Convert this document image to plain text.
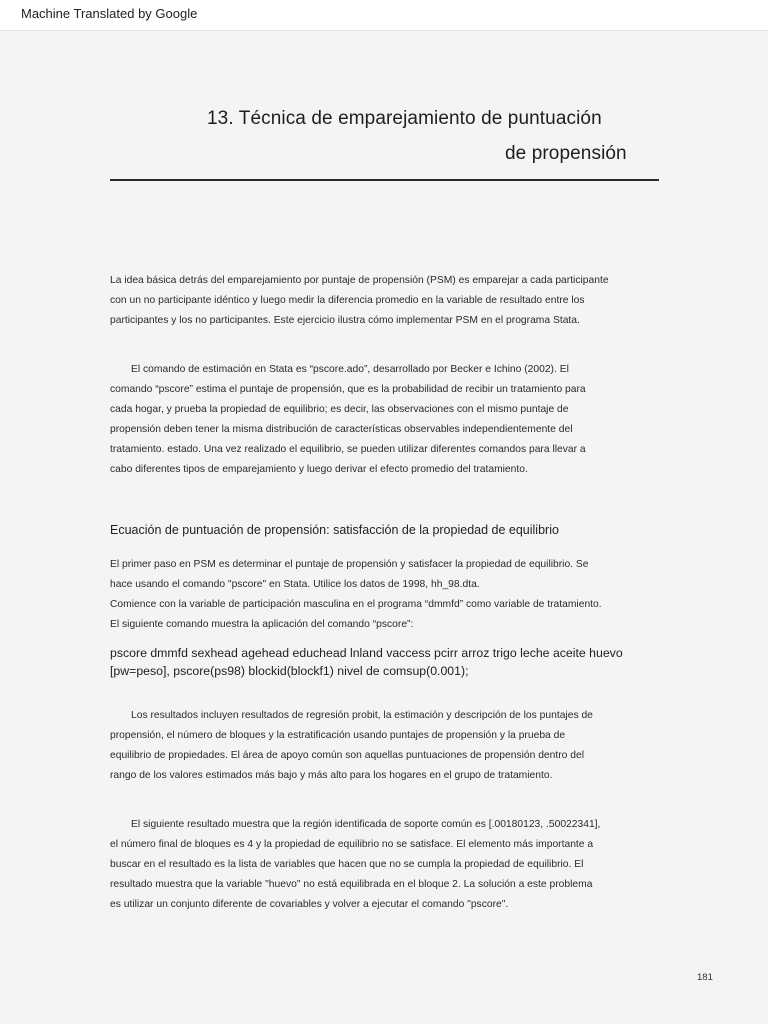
Machine Translated by Google
13. Técnica de emparejamiento de puntuación
de propensión
La idea básica detrás del emparejamiento por puntaje de propensión (PSM) es emparejar a cada participante
con un no participante idéntico y luego medir la diferencia promedio en la variable de resultado entre los
participantes y los no participantes. Este ejercicio ilustra cómo implementar PSM en el programa Stata.
El comando de estimación en Stata es “pscore.ado”, desarrollado por Becker e Ichino (2002). El
comando “pscore” estima el puntaje de propensión, que es la probabilidad de recibir un tratamiento para
cada hogar, y prueba la propiedad de equilibrio; es decir, las observaciones con el mismo puntaje de
propensión deben tener la misma distribución de características observables independientemente del
tratamiento. estado. Una vez realizado el equilibrio, se pueden utilizar diferentes comandos para llevar a
cabo diferentes tipos de emparejamiento y luego derivar el efecto promedio del tratamiento.
Ecuación de puntuación de propensión: satisfacción de la propiedad de equilibrio
El primer paso en PSM es determinar el puntaje de propensión y satisfacer la propiedad de equilibrio. Se
hace usando el comando "pscore" en Stata. Utilice los datos de 1998, hh_98.dta.
Comience con la variable de participación masculina en el programa “dmmfd” como variable de tratamiento.
El siguiente comando muestra la aplicación del comando “pscore”:
pscore dmmfd sexhead agehead educhead lnland vaccess pcirr arroz trigo leche aceite huevo
[pw=peso], pscore(ps98) blockid(blockf1) nivel de comsup(0.001);
Los resultados incluyen resultados de regresión probit, la estimación y descripción de los puntajes de
propensión, el número de bloques y la estratificación usando puntajes de propensión y la prueba de
equilibrio de propiedades. El área de apoyo común son aquellas puntuaciones de propensión dentro del
rango de los valores estimados más bajo y más alto para los hogares en el grupo de tratamiento.
El siguiente resultado muestra que la región identificada de soporte común es [.00180123, .50022341],
el número final de bloques es 4 y la propiedad de equilibrio no se satisface. El elemento más importante a
buscar en el resultado es la lista de variables que hacen que no se cumpla la propiedad de equilibrio. El
resultado muestra que la variable "huevo" no está equilibrada en el bloque 2. La solución a este problema
es utilizar un conjunto diferente de covariables y volver a ejecutar el comando "pscore".
181
